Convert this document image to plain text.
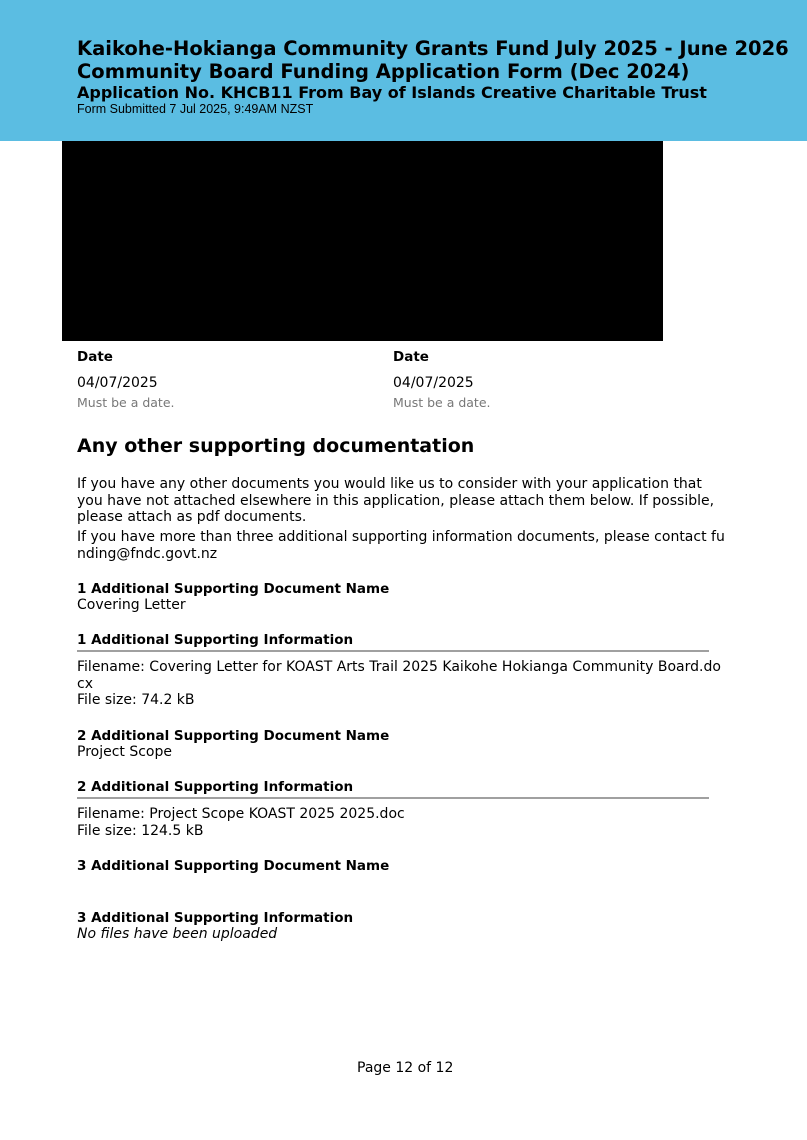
Kaikohe-Hokianga Community Grants Fund July 2025 - June 2026
Community Board Funding Application Form (Dec 2024)
Application No. KHCB11 From Bay of Islands Creative Charitable Trust
Form Submitted 7 Jul 2025, 9:49AM NZST
Date
04/07/2025
Must be a date.
Date
04/07/2025
Must be a date.
Any other supporting documentation
If you have any other documents you would like us to consider with your application that
you have not attached elsewhere in this application, please attach them below. If possible,
please attach as pdf documents.
If you have more than three additional supporting information documents, please contact fu
nding@fndc.govt.nz
1 Additional Supporting Document Name
Covering Letter
1 Additional Supporting Information
Filename: Covering Letter for KOAST Arts Trail 2025 Kaikohe Hokianga Community Board.do
cx
File size: 74.2 kB
2 Additional Supporting Document Name
Project Scope
2 Additional Supporting Information
Filename: Project Scope KOAST 2025 2025.doc
File size: 124.5 kB
3 Additional Supporting Document Name
3 Additional Supporting Information
No files have been uploaded
Page 12 of 12
